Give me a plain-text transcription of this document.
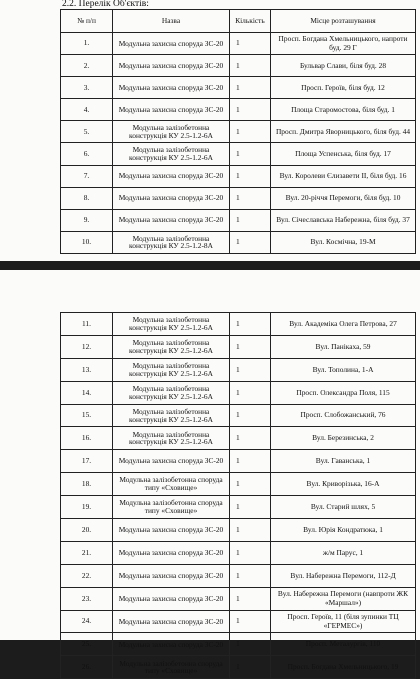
2.2. Перелік Об'єктів:
№ п/п	Назва	Кількість	Місце розташування
1.	Модульна захисна споруда ЗС-20	1	Просп. Богдана Хмельницького, напроти буд. 29 Г
2.	Модульна захисна споруда ЗС-20	1	Бульвар Слави, біля буд. 28
3.	Модульна захисна споруда ЗС-20	1	Просп. Героїв, біля буд. 12
4.	Модульна захисна споруда ЗС-20	1	Площа Старомостова, біля буд. 1
5.	Модульна залізобетонна конструкція КУ 2.5-1.2-6А	1	Просп. Дмитра Яворницького, біля буд. 44
6.	Модульна залізобетонна конструкція КУ 2.5-1.2-6А	1	Площа Успенська, біля буд. 17
7.	Модульна захисна споруда ЗС-20	1	Вул. Королеви Єлизавети ІІ, біля буд. 16
8.	Модульна захисна споруда ЗС-20	1	Вул. 20-річчя Перемоги, біля буд. 10
9.	Модульна захисна споруда ЗС-20	1	Вул. Січеславська Набережна, біля буд. 37
10.	Модульна залізобетонна конструкція КУ 2.5-1.2-8А	1	Вул. Космічна, 19-М
11.	Модульна залізобетонна конструкція КУ 2.5-1.2-6А	1	Вул. Академіка Олега Петрова, 27
12.	Модульна залізобетонна конструкція КУ 2.5-1.2-6А	1	Вул. Панікаха, 59
13.	Модульна залізобетонна конструкція КУ 2.5-1.2-6А	1	Вул. Тополина, 1-А
14.	Модульна залізобетонна конструкція КУ 2.5-1.2-6А	1	Просп. Олександра Поля, 115
15.	Модульна залізобетонна конструкція КУ 2.5-1.2-6А	1	Просп. Слобожанський, 76
16.	Модульна залізобетонна конструкція КУ 2.5-1.2-6А	1	Вул. Березинська, 2
17.	Модульна захисна споруда ЗС-20	1	Вул. Гаванська, 1
18.	Модульна залізобетонна споруда типу «Сховище»	1	Вул. Криворізька, 16-А
19.	Модульна залізобетонна споруда типу «Сховище»	1	Вул. Старий шлях, 5
20.	Модульна захисна споруда ЗС-20	1	Вул. Юрія Кондратюка, 1
21.	Модульна захисна споруда ЗС-20	1	ж/м Парус, 1
22.	Модульна захисна споруда ЗС-20	1	Вул. Набережна Перемоги, 112-Д
23.	Модульна захисна споруда ЗС-20	1	Вул. Набережна Перемоги (навпроти ЖК «Маршал»)
24.	Модульна захисна споруда ЗС-20	1	Просп. Героїв, 11 (біля зупинки ТЦ «ГЕРМЕС»)
25.	Модульна захисна споруда ЗС-20	1	Просп. Металургів, 110
26.	Модульна залізобетонна споруда типу «Сховище»	1	Просп. Богдана Хмельницького, 19
